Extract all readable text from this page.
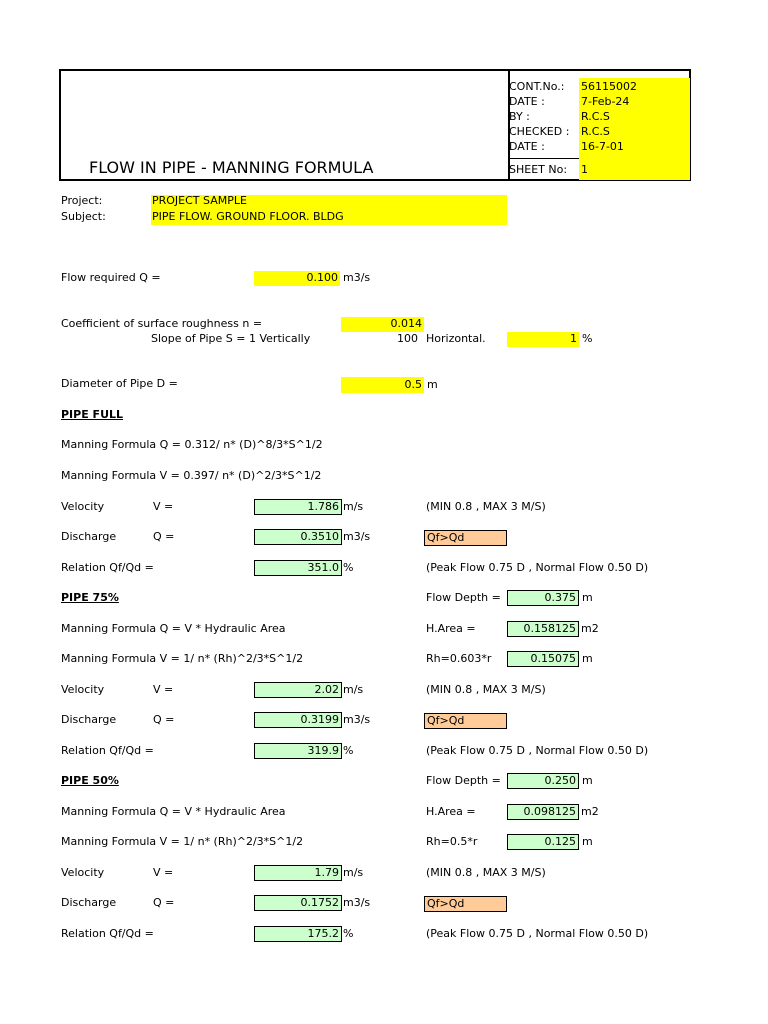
FLOW IN PIPE - MANNING FORMULA
CONT.No.: 56115002
DATE :	7-Feb-24
BY :	R.C.S
CHECKED : R.C.S
DATE :	16-7-01
SHEET No: 1
Project:	PROJECT SAMPLE
Subject:	PIPE FLOW. GROUND FLOOR. BLDG
Flow required Q =	0.100 m3/s
Coefficient of surface roughness n =	0.014
Slope of Pipe S = 1 Vertically	100 Horizontal.	1 %
Diameter of Pipe D =	0.5 m
PIPE FULL
Manning Formula Q = 0.312/ n* (D)^8/3*S^1/2
Manning Formula V = 0.397/ n* (D)^2/3*S^1/2
Velocity	V =	1.786 m/s	(MIN 0.8 , MAX 3 M/S)
Discharge	Q =	0.3510 m3/s	Qf>Qd
Relation Qf/Qd =	351.0 %	(Peak Flow 0.75 D , Normal Flow 0.50 D)
PIPE 75%	Flow Depth =	0.375 m
Manning Formula Q = V * Hydraulic Area	H.Area =	0.158125 m2
Manning Formula V = 1/ n* (Rh)^2/3*S^1/2	Rh=0.603*r	0.15075 m
Velocity	V =	2.02 m/s	(MIN 0.8 , MAX 3 M/S)
Discharge	Q =	0.3199 m3/s	Qf>Qd
Relation Qf/Qd =	319.9 %	(Peak Flow 0.75 D , Normal Flow 0.50 D)
PIPE 50%	Flow Depth =	0.250 m
Manning Formula Q = V * Hydraulic Area	H.Area =	0.098125 m2
Manning Formula V = 1/ n* (Rh)^2/3*S^1/2	Rh=0.5*r	0.125 m
Velocity	V =	1.79 m/s	(MIN 0.8 , MAX 3 M/S)
Discharge	Q =	0.1752 m3/s	Qf>Qd
Relation Qf/Qd =	175.2 %	(Peak Flow 0.75 D , Normal Flow 0.50 D)
